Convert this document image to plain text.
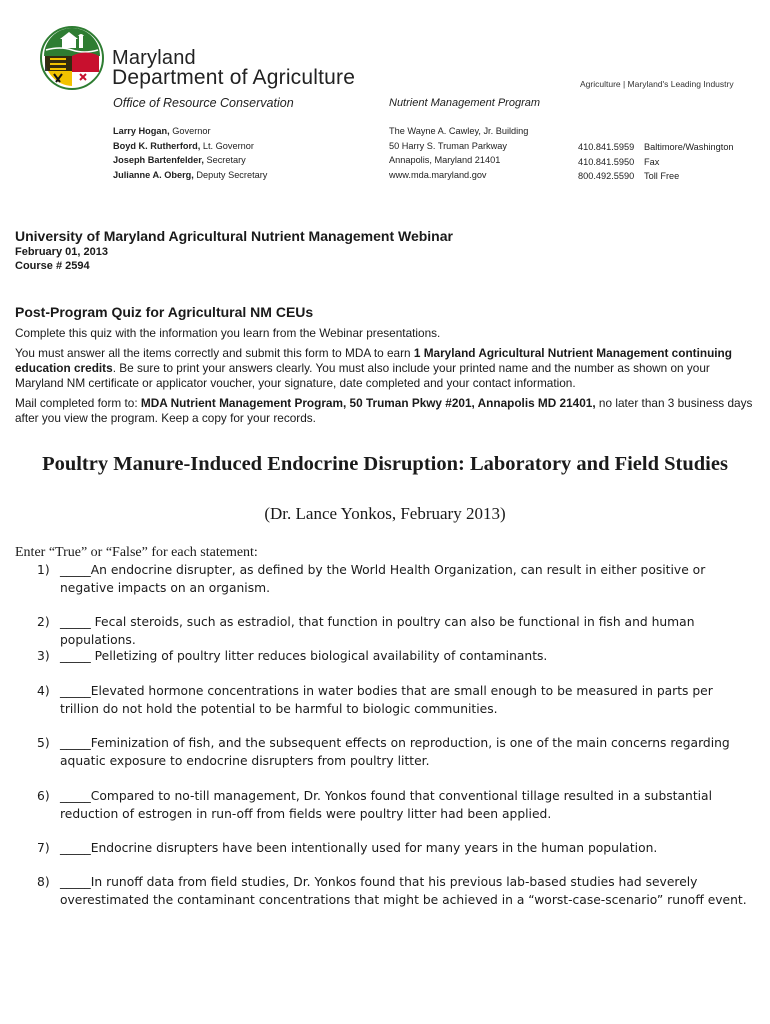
Maryland
Department of Agriculture
Office of Resource Conservation	Nutrient Management Program
Agriculture | Maryland's Leading Industry
Larry Hogan, Governor
Boyd K. Rutherford, Lt. Governor
Joseph Bartenfelder, Secretary
Julianne A. Oberg, Deputy Secretary
The Wayne A. Cawley, Jr. Building
50 Harry S. Truman Parkway
Annapolis, Maryland 21401
www.mda.maryland.gov
410.841.5959
410.841.5950
800.492.5590
Baltimore/Washington
Fax
Toll Free
University of Maryland Agricultural Nutrient Management Webinar
February 01, 2013
Course # 2594
Post-Program Quiz for Agricultural NM CEUs
Complete this quiz with the information you learn from the Webinar presentations.
You must answer all the items correctly and submit this form to MDA to earn 1 Maryland Agricultural Nutrient Management continuing education credits. Be sure to print your answers clearly. You must also include your printed name and the number as shown on your Maryland NM certificate or applicator voucher, your signature, date completed and your contact information.
Mail completed form to: MDA Nutrient Management Program, 50 Truman Pkwy #201, Annapolis MD 21401, no later than 3 business days after you view the program. Keep a copy for your records.
Poultry Manure-Induced Endocrine Disruption: Laboratory and Field Studies
(Dr. Lance Yonkos, February 2013)
Enter “True” or “False” for each statement:
1) _____An endocrine disrupter, as defined by the World Health Organization, can result in either positive or negative impacts on an organism.
2) _____ Fecal steroids, such as estradiol, that function in poultry can also be functional in fish and human populations.
3) _____ Pelletizing of poultry litter reduces biological availability of contaminants.
4) _____Elevated hormone concentrations in water bodies that are small enough to be measured in parts per trillion do not hold the potential to be harmful to biologic communities.
5) _____Feminization of fish, and the subsequent effects on reproduction, is one of the main concerns regarding aquatic exposure to endocrine disrupters from poultry litter.
6) _____Compared to no-till management, Dr. Yonkos found that conventional tillage resulted in a substantial reduction of estrogen in run-off from fields were poultry litter had been applied.
7) _____Endocrine disrupters have been intentionally used for many years in the human population.
8) _____In runoff data from field studies, Dr. Yonkos found that his previous lab-based studies had severely overestimated the contaminant concentrations that might be achieved in a “worst-case-scenario” runoff event.
